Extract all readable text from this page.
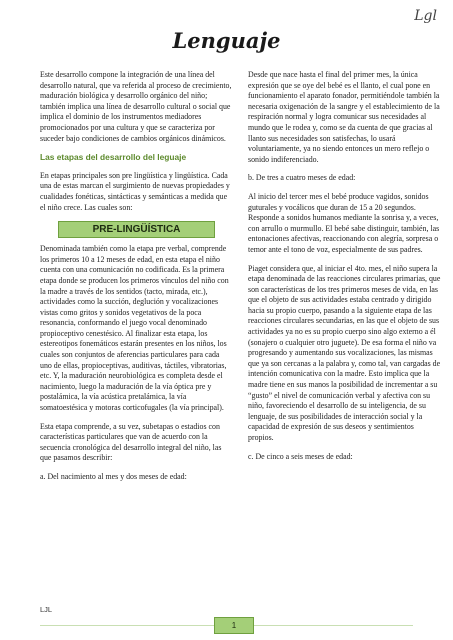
Lgl
Lenguaje

Este desarrollo compone la integración de una línea del desarrollo natural, que va referida al proceso de crecimiento, maduración biológica y desarrollo orgánico del niño; también implica una línea de desarrollo cultural o social que implica el dominio de los instrumentos mediadores promocionados por una cultura y que se caracteriza por suceder bajo condiciones de cambios orgánicos dinámicos.

Las etapas del desarrollo del leguaje

En etapas principales son pre lingüística y lingüística. Cada una de estas marcan el surgimiento de nuevas propiedades y cualidades fonéticas, sintácticas y semánticas a medida que el niño crece. Las cuales son:

PRE-LINGÜÍSTICA

Denominada también como la etapa pre verbal, comprende los primeros 10 a 12 meses de edad, en esta etapa el niño cuenta con una comunicación no codificada. Es la primera etapa donde se producen los primeros vínculos del niño con la madre a través de los sentidos (tacto, mirada, etc.), actividades como la succión, deglución y vocalizaciones vistas como gritos y sonidos vegetativos de la poca resonancia, conformando el juego vocal denominado propioceptivo cenestésico. Al finalizar esta etapa, los estereotipos fonemáticos estarán presentes en los niños, los cuales son conjuntos de aferencias particulares para cada uno de ellas, propioceptivas, auditivas, táctiles, vibratorias, etc. Y, la maduración neurobiológica es completa desde el nacimiento, luego la maduración de la vía óptica pre y postalámica, la vía acústica pretalámica, la vía somatoestésica y motoras corticofugales (la vía principal).

Esta etapa comprende, a su vez, subetapas o estadios con características particulares que van de acuerdo con la secuencia cronológica del desarrollo integral del niño, las que pasamos describir:

a. Del nacimiento al mes y dos meses de edad:

Desde que nace hasta el final del primer mes, la única expresión que se oye del bebé es el llanto, el cual pone en funcionamiento el aparato fonador, permitiéndole también la necesaria oxigenación de la sangre y el establecimiento de la respiración normal y logra comunicar sus necesidades al mundo que le rodea y, como se da cuenta de que gracias al llanto sus necesidades son satisfechas, lo usará voluntariamente, ya no siendo entonces un mero reflejo o sonido indiferenciado.

b. De tres a cuatro meses de edad:

Al inicio del tercer mes el bebé produce vagidos, sonidos guturales y vocálicos que duran de 15 a 20 segundos. Responde a sonidos humanos mediante la sonrisa y, a veces, con arrullo o murmullo. El bebé sabe distinguir, también, las entonaciones afectivas, reaccionando con alegría, sorpresa o temor ante el tono de voz, especialmente de sus padres.

Piaget considera que, al iniciar el 4to. mes, el niño supera la etapa denominada de las reacciones circulares primarias, que son características de los tres primeros meses de vida, en las que el objeto de sus actividades estaba centrado y dirigido hacia su propio cuerpo, pasando a la siguiente etapa de las reacciones circulares secundarias, en las que el objeto de sus actividades ya no es su propio cuerpo sino algo externo a él (sonajero o cualquier otro juguete). De esa forma el niño va progresando y aumentando sus vocalizaciones, las mismas que ya son cercanas a la palabra y, como tal, van cargadas de intención comunicativa con la madre. Esto implica que la madre tiene en sus manos la posibilidad de incrementar a su “gusto” el nivel de comunicación verbal y afectiva con su niño, favoreciendo el desarrollo de su inteligencia, de su lenguaje, de sus posibilidades de interacción social y la capacidad de expresión de sus deseos y sentimientos propios.

c. De cinco a seis meses de edad:

LJL
1
